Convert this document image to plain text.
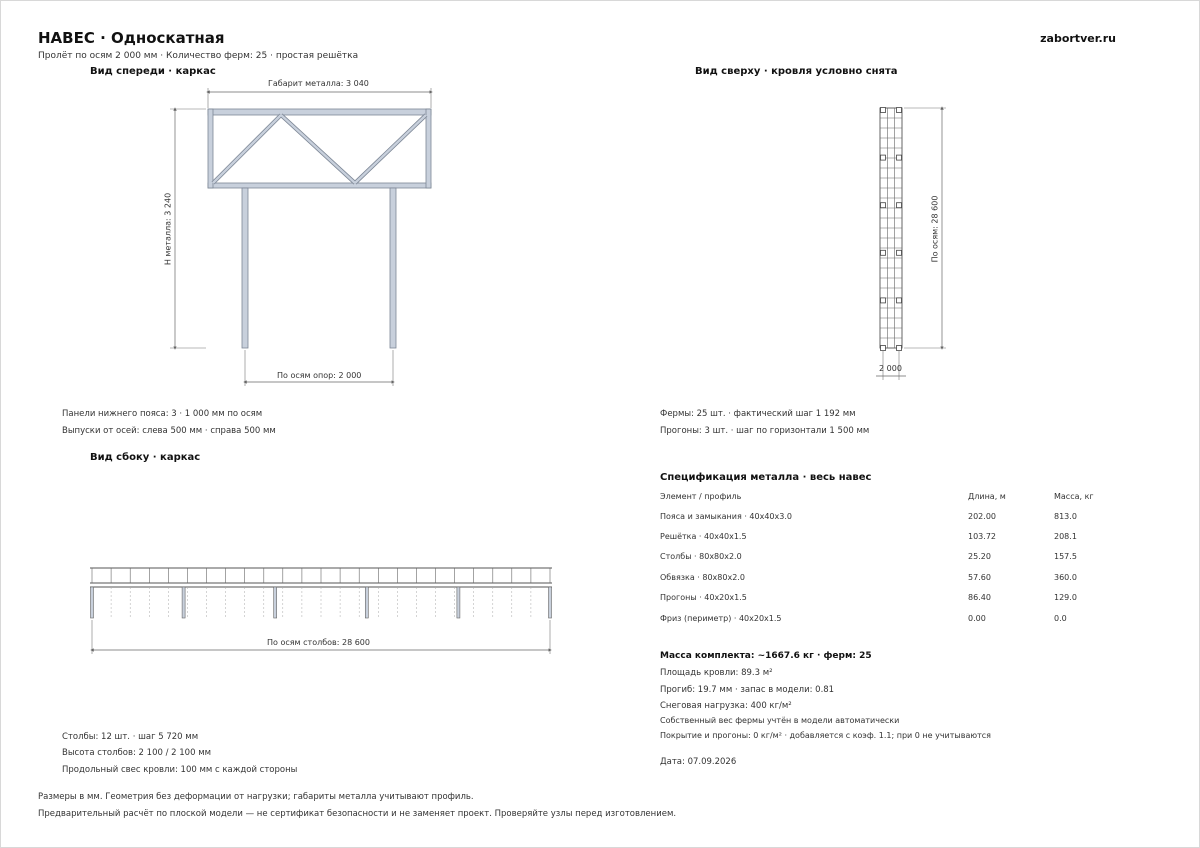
НАВЕС · Односкатная
Пролёт по осям 2 000 мм · Количество ферм: 25 · простая решётка
zabortver.ru
Вид спереди · каркас	Вид сверху · кровля условно снята
Вид сбоку · каркас
Габарит металла: 3 040
H металла: 3 240
По осям опор: 2 000
По осям: 28 600
2 000
По осям столбов: 28 600
Панели нижнего пояса: 3 · 1 000 мм по осям
Выпуски от осей: слева 500 мм · справа 500 мм
Фермы: 25 шт. · фактический шаг 1 192 мм
Прогоны: 3 шт. · шаг по горизонтали 1 500 мм
Столбы: 12 шт. · шаг 5 720 мм
Высота столбов: 2 100 / 2 100 мм
Продольный свес кровли: 100 мм с каждой стороны
Спецификация металла · весь навес
Элемент / профиль	Длина, м	Масса, кг
Пояса и замыкания · 40x40x3.0	202.00	813.0
Решётка · 40x40x1.5	103.72	208.1
Столбы · 80x80x2.0	25.20	157.5
Обвязка · 80x80x2.0	57.60	360.0
Прогоны · 40x20x1.5	86.40	129.0
Фриз (периметр) · 40x20x1.5	0.00	0.0
Масса комплекта: ~1667.6 кг · ферм: 25
Площадь кровли: 89.3 м²
Прогиб: 19.7 мм · запас в модели: 0.81
Снеговая нагрузка: 400 кг/м²
Собственный вес фермы учтён в модели автоматически
Покрытие и прогоны: 0 кг/м² · добавляется с коэф. 1.1; при 0 не учитываются
Дата: 07.09.2026
Размеры в мм. Геометрия без деформации от нагрузки; габариты металла учитывают профиль.
Предварительный расчёт по плоской модели — не сертификат безопасности и не заменяет проект. Проверяйте узлы перед изготовлением.
